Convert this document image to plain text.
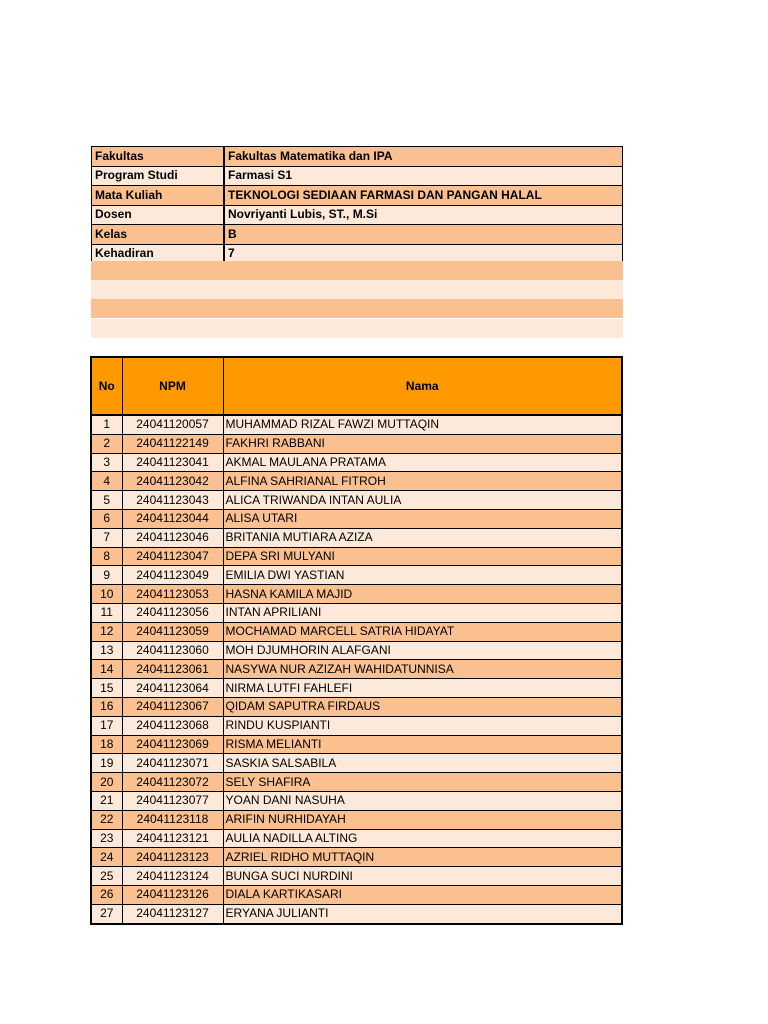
Fakultas	Fakultas Matematika dan IPA
Program Studi	Farmasi S1
Mata Kuliah	TEKNOLOGI SEDIAAN FARMASI DAN PANGAN HALAL
Dosen	Novriyanti Lubis, ST., M.Si
Kelas	B
Kehadiran	7
No	NPM	Nama
1	24041120057	MUHAMMAD RIZAL FAWZI MUTTAQIN
2	24041122149	FAKHRI RABBANI
3	24041123041	AKMAL MAULANA PRATAMA
4	24041123042	ALFINA SAHRIANAL FITROH
5	24041123043	ALICA TRIWANDA INTAN AULIA
6	24041123044	ALISA UTARI
7	24041123046	BRITANIA MUTIARA AZIZA
8	24041123047	DEPA SRI MULYANI
9	24041123049	EMILIA DWI YASTIAN
10	24041123053	HASNA KAMILA MAJID
11	24041123056	INTAN APRILIANI
12	24041123059	MOCHAMAD MARCELL SATRIA HIDAYAT
13	24041123060	MOH DJUMHORIN ALAFGANI
14	24041123061	NASYWA NUR AZIZAH WAHIDATUNNISA
15	24041123064	NIRMA LUTFI FAHLEFI
16	24041123067	QIDAM SAPUTRA FIRDAUS
17	24041123068	RINDU KUSPIANTI
18	24041123069	RISMA MELIANTI
19	24041123071	SASKIA SALSABILA
20	24041123072	SELY SHAFIRA
21	24041123077	YOAN DANI NASUHA
22	24041123118	ARIFIN NURHIDAYAH
23	24041123121	AULIA NADILLA ALTING
24	24041123123	AZRIEL RIDHO MUTTAQIN
25	24041123124	BUNGA SUCI NURDINI
26	24041123126	DIALA KARTIKASARI
27	24041123127	ERYANA JULIANTI
